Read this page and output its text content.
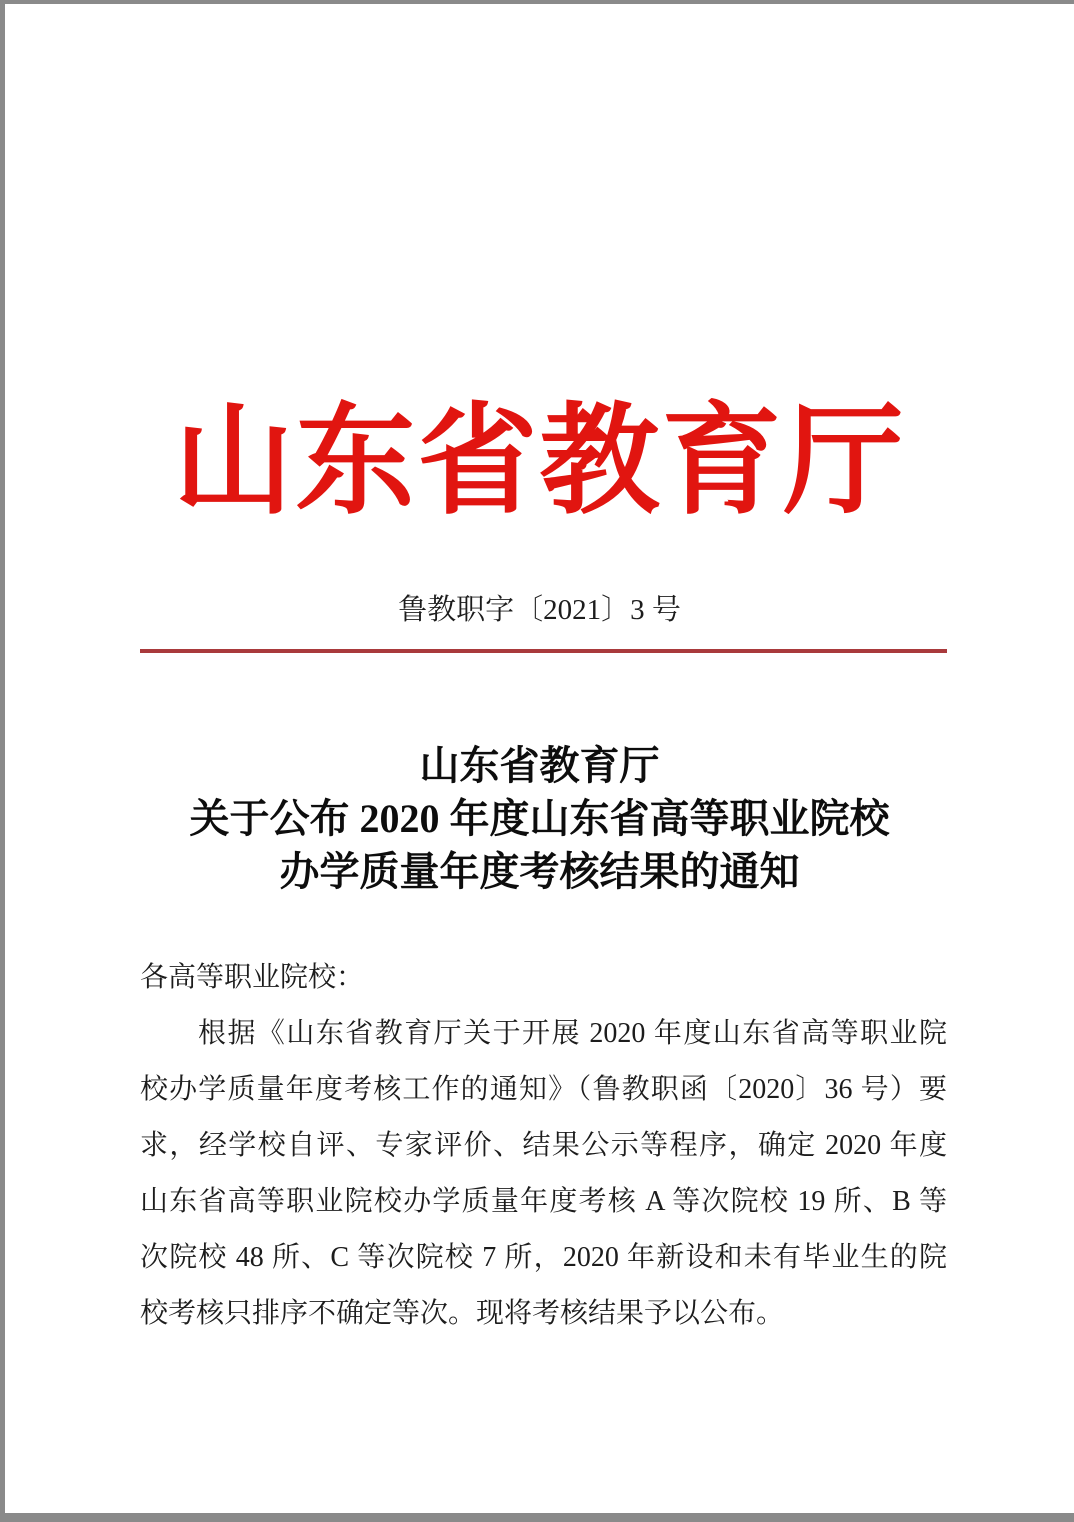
山东省教育厅
鲁教职字〔2021〕3 号
山东省教育厅
关于公布 2020 年度山东省高等职业院校
办学质量年度考核结果的通知
各高等职业院校：
根据《山东省教育厅关于开展 2020 年度山东省高等职业院
校办学质量年度考核工作的通知》（鲁教职函〔2020〕36 号）要
求，经学校自评、专家评价、结果公示等程序，确定 2020 年度
山东省高等职业院校办学质量年度考核 A 等次院校 19 所、B 等
次院校 48 所、C 等次院校 7 所，2020 年新设和未有毕业生的院
校考核只排序不确定等次。现将考核结果予以公布。
